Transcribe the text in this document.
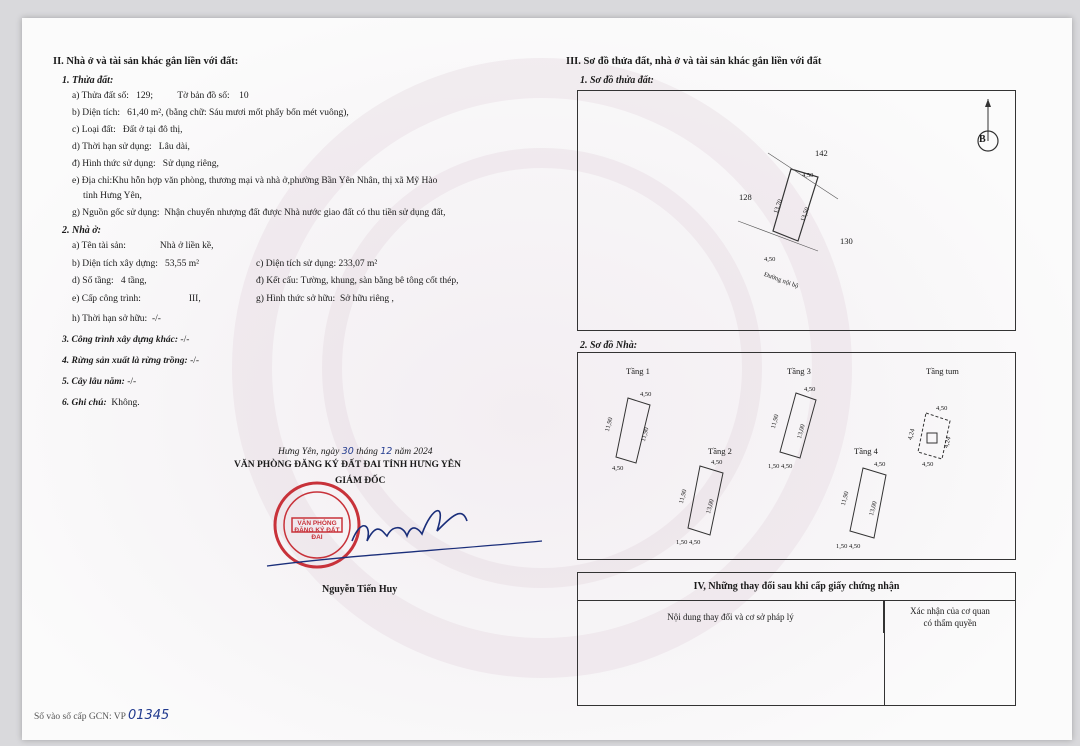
II. Nhà ở và tài sản khác gắn liền với đất:
1. Thửa đất:
a) Thửa đất số: 129;	Tờ bản đồ số: 10
b) Diện tích: 61,40 m², (bằng chữ: Sáu mươi mốt phẩy bốn mét vuông),
c) Loại đất: Đất ở tại đô thị,
d) Thời hạn sử dụng: Lâu dài,
đ) Hình thức sử dụng: Sử dụng riêng,
e) Địa chỉ:Khu hỗn hợp văn phòng, thương mại và nhà ở,phường Bần Yên Nhân, thị xã Mỹ Hào
tỉnh Hưng Yên,
g) Nguồn gốc sử dụng: Nhận chuyển nhượng đất được Nhà nước giao đất có thu tiền sử dụng đất,
2. Nhà ở:
a) Tên tài sản:	Nhà ở liền kề,
b) Diện tích xây dựng: 53,55 m²	c) Diện tích sử dụng: 233,07 m²
d) Số tầng: 4 tầng,	đ) Kết cấu: Tường, khung, sàn bằng bê tông cốt thép,
e) Cấp công trình:	III,	g) Hình thức sở hữu: Sở hữu riêng ,
h) Thời hạn sở hữu: -/-
3. Công trình xây dựng khác: -/-
4. Rừng sản xuất là rừng trồng: -/-
5. Cây lâu năm: -/-
6. Ghi chú: Không.
Hưng Yên, ngày 30 tháng 12 năm 2024
VĂN PHÒNG ĐĂNG KÝ ĐẤT ĐAI TỈNH HƯNG YÊN
GIÁM ĐỐC
VĂN PHÒNG ĐĂNG KÝ ĐẤT ĐAI
Nguyễn Tiến Huy
Số vào sổ cấp GCN: VP 01345
III. Sơ đồ thửa đất, nhà ở và tài sản khác gắn liền với đất
1. Sơ đồ thửa đất:
B
142
128
130
4,50
4,50
13,70 13,50
Đường nội bộ
2. Sơ đồ Nhà:
Tầng 1	Tầng 3	Tầng tum
Tầng 2	Tầng 4
4,50
11,90
11,90
4,50
4,50
11,90
13,00
1,50 4,50
4,50
11,90
13,00
1,50 4,50	4,50
11,90
13,00
1,50 4,50
4,50
4,24
4,24
4,50
IV, Những thay đổi sau khi cấp giấy chứng nhận
Nội dung thay đổi và cơ sở pháp lý
Xác nhận của cơ quan
có thẩm quyền
